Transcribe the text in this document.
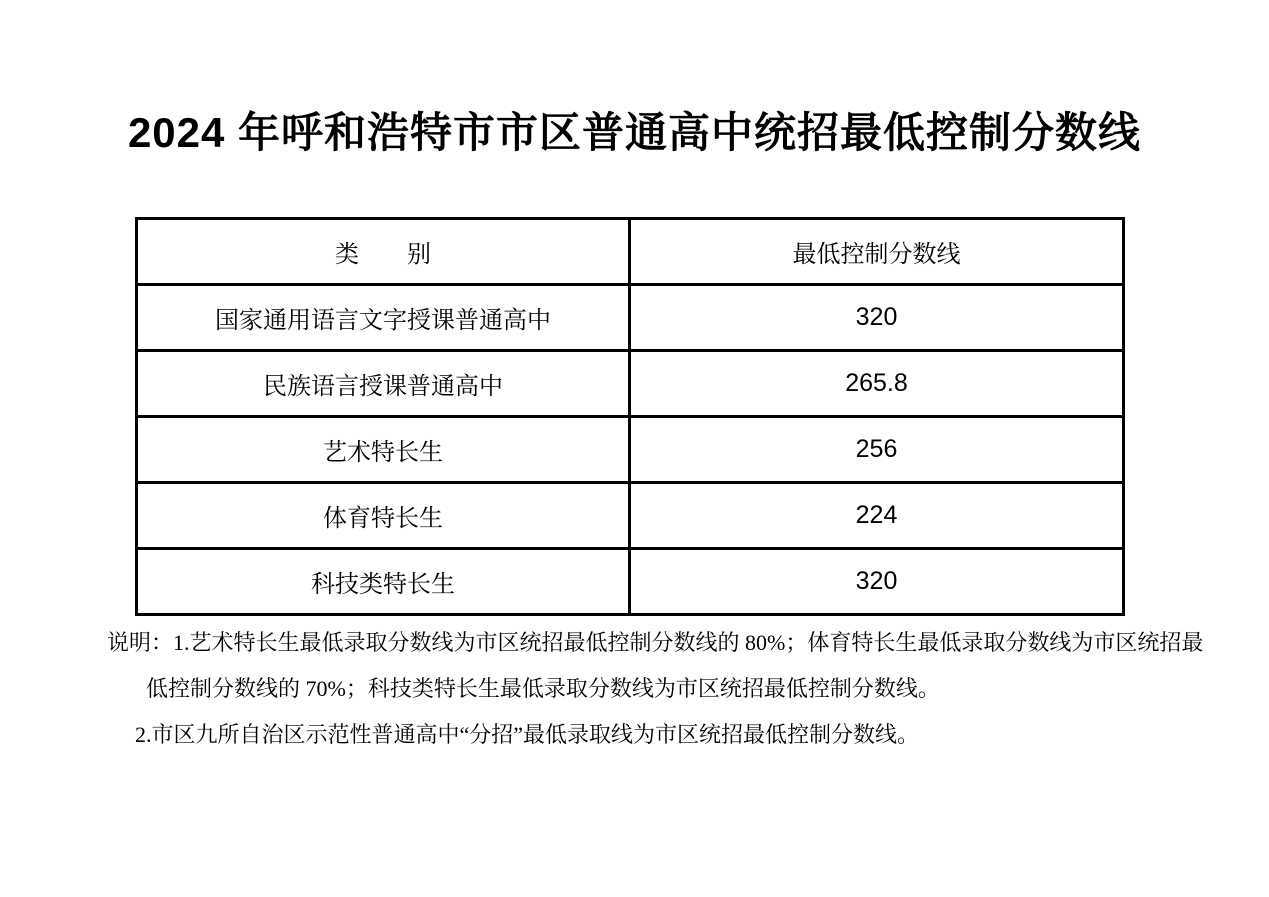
2024 年呼和浩特市市区普通高中统招最低控制分数线
类　　别	最低控制分数线
国家通用语言文字授课普通高中	320
民族语言授课普通高中	265.8
艺术特长生	256
体育特长生	224
科技类特长生	320
说明：1.艺术特长生最低录取分数线为市区统招最低控制分数线的 80%；体育特长生最低录取分数线为市区统招最
低控制分数线的 70%；科技类特长生最低录取分数线为市区统招最低控制分数线。
2.市区九所自治区示范性普通高中“分招”最低录取线为市区统招最低控制分数线。
